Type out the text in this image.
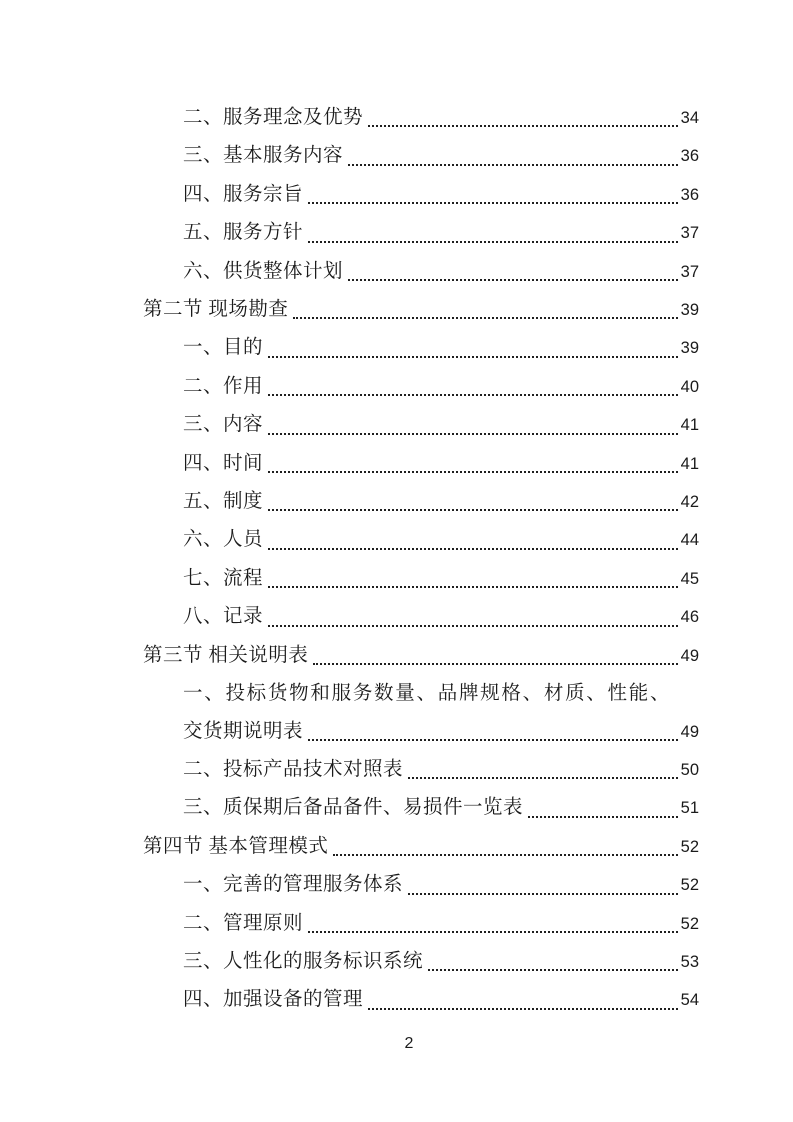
二、服务理念及优势	34
三、基本服务内容	36
四、服务宗旨	36
五、服务方针	37
六、供货整体计划	37
第二节 现场勘查	39
一、目的	39
二、作用	40
三、内容	41
四、时间	41
五、制度	42
六、人员	44
七、流程	45
八、记录	46
第三节 相关说明表	49
一、投标货物和服务数量、品牌规格、材质、性能、
交货期说明表	49
二、投标产品技术对照表	50
三、质保期后备品备件、易损件一览表	51
第四节 基本管理模式	52
一、完善的管理服务体系	52
二、管理原则	52
三、人性化的服务标识系统	53
四、加强设备的管理	54
2
